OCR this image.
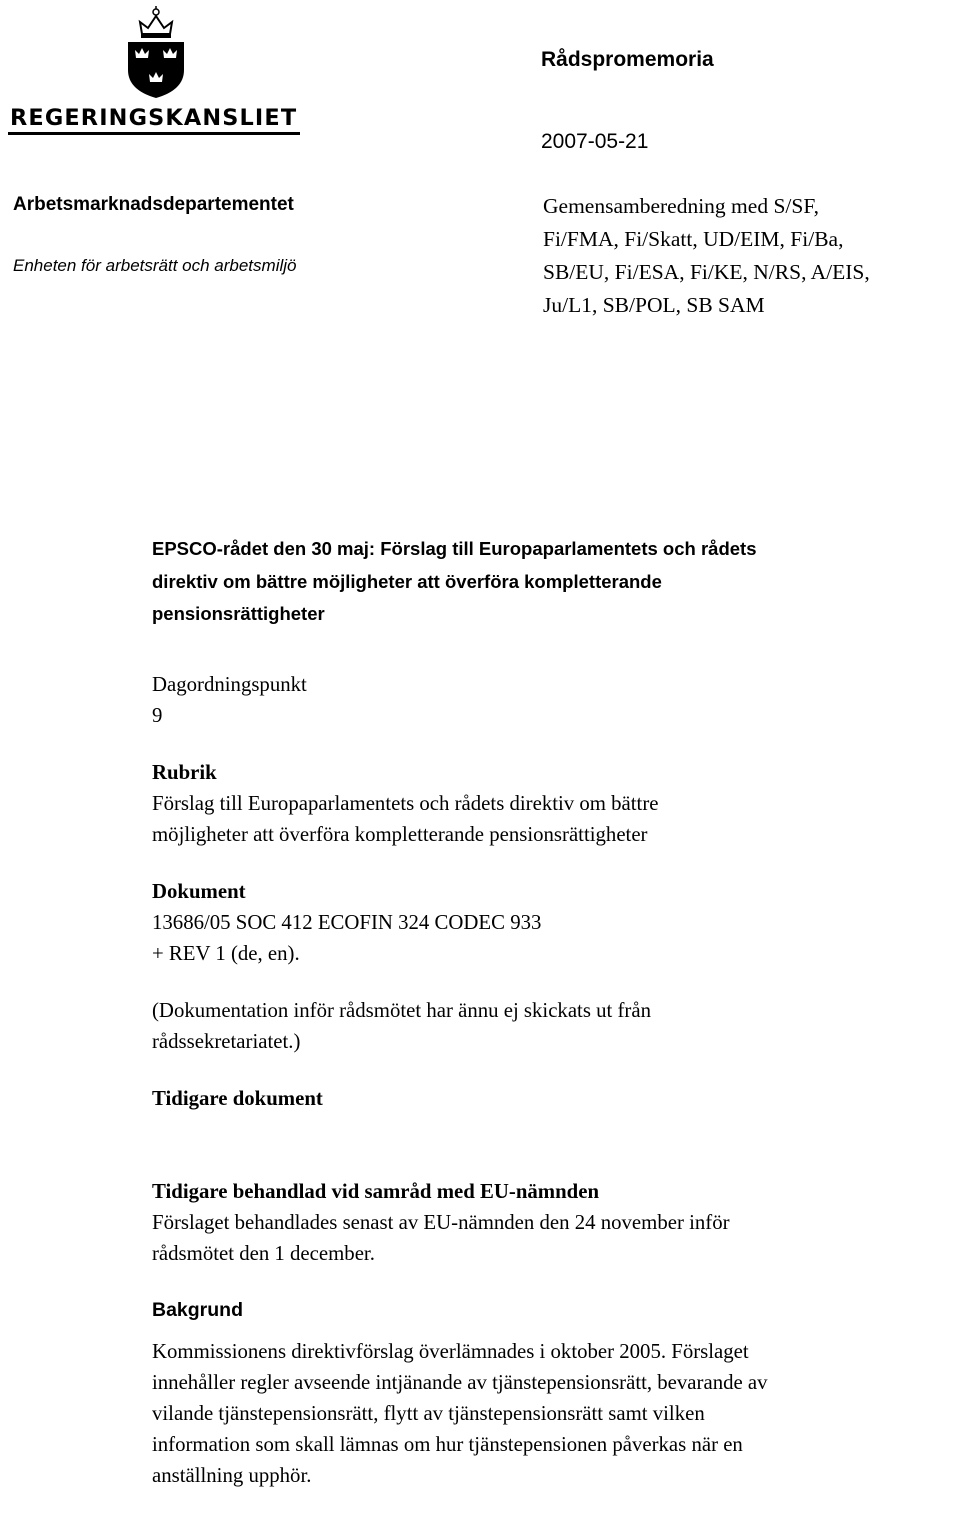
REGERINGSKANSLIET
Rådspromemoria
2007-05-21
Arbetsmarknadsdepartementet
Enheten för arbetsrätt och arbetsmiljö
Gemensamberedning med S/SF,
Fi/FMA, Fi/Skatt, UD/EIM, Fi/Ba,
SB/EU, Fi/ESA, Fi/KE, N/RS, A/EIS,
Ju/L1, SB/POL, SB SAM
EPSCO-rådet den 30 maj: Förslag till Europaparlamentets och rådets
direktiv om bättre möjligheter att överföra kompletterande
pensionsrättigheter
Dagordningspunkt
9
Rubrik
Förslag till Europaparlamentets och rådets direktiv om bättre
möjligheter att överföra kompletterande pensionsrättigheter
Dokument
13686/05 SOC 412 ECOFIN 324 CODEC 933
+ REV 1 (de, en).
(Dokumentation inför rådsmötet har ännu ej skickats ut från
rådssekretariatet.)
Tidigare dokument
Tidigare behandlad vid samråd med EU-nämnden
Förslaget behandlades senast av EU-nämnden den 24 november inför
rådsmötet den 1 december.
Bakgrund
Kommissionens direktivförslag överlämnades i oktober 2005. Förslaget
innehåller regler avseende intjänande av tjänstepensionsrätt, bevarande av
vilande tjänstepensionsrätt, flytt av tjänstepensionsrätt samt vilken
information som skall lämnas om hur tjänstepensionen påverkas när en
anställning upphör.
